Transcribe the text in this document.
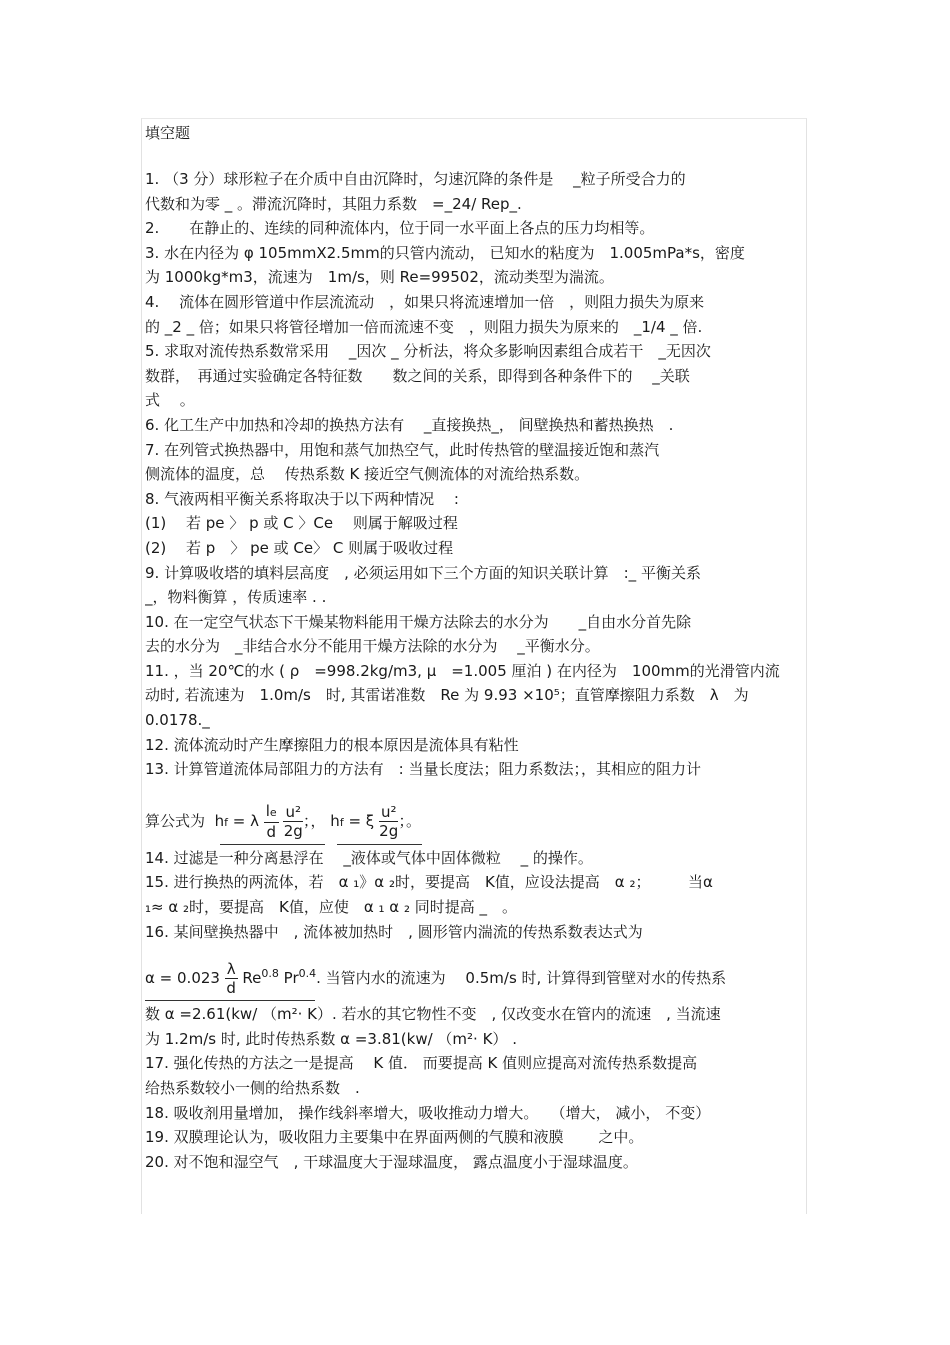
填空题
1. （3 分）球形粒子在介质中自由沉降时，匀速沉降的条件是　 _粒子所受合力的
代数和为零 _ 。滞流沉降时，其阻力系数　=_24/ Rep_.
2.　　在静止的、连续的同种流体内，位于同一水平面上各点的压力均相等。
3. 水在内径为 φ 105mmX2.5mm的只管内流动， 已知水的粘度为　1.005mPa*s，密度
为 1000kg*m3，流速为　1m/s，则 Re=99502，流动类型为湍流。
4.　 流体在圆形管道中作层流流动　，如果只将流速增加一倍　，则阻力损失为原来
的 _2 _ 倍；如果只将管径增加一倍而流速不变　，则阻力损失为原来的　_1/4 _ 倍.
5. 求取对流传热系数常采用　 _因次 _ 分析法，将众多影响因素组合成若干　_无因次
数群，　再通过实验确定各特征数　　数之间的关系，即得到各种条件下的　 _关联
式　 。
6. 化工生产中加热和冷却的换热方法有　 _直接换热_， 间壁换热和蓄热换热　.
7. 在列管式换热器中，用饱和蒸气加热空气，此时传热管的壁温接近饱和蒸汽
侧流体的温度，总　 传热系数 K 接近空气侧流体的对流给热系数。
8. 气液两相平衡关系将取决于以下两种情况　 :
(1)　 若 pe 〉 p 或 C 〉Ce　 则属于解吸过程
(2)　 若 p　〉 pe 或 Ce〉 C 则属于吸收过程
9. 计算吸收塔的填料层高度　, 必须运用如下三个方面的知识关联计算　:_ 平衡关系
_，物料衡算 ，传质速率 . .
10. 在一定空气状态下干燥某物料能用干燥方法除去的水分为　　_自由水分首先除
去的水分为　_非结合水分不能用干燥方法除的水分为　 _平衡水分。
11. ，当 20℃的水 ( ρ　=998.2kg/m3, μ　=1.005 厘泊 ) 在内径为　100mm的光滑管内流
动时, 若流速为　1.0m/s　时, 其雷诺准数　Re 为 9.93 ×10⁵；直管摩擦阻力系数　λ　为
0.0178._
12. 流体流动时产生摩擦阻力的根本原因是流体具有粘性
13. 计算管道流体局部阻力的方法有　: 当量长度法；阻力系数法；，其相应的阻力计
算公式为 hf = λ $\frac{le}{d}$
$\frac{\text{u²}}{2g}$ ；， hf = ξ $\frac{\text{u²}}{2g}$ ；。
14. 过滤是一种分离悬浮在　 _液体或气体中固体微粒　 _ 的操作。
15. 进行换热的两流体，若　α ₁》α ₂时，要提高　K值，应设法提高　α ₂；　　　当α
₁≈ α ₂时，要提高　K值，应使　α ₁ α ₂ 同时提高 _　。
16. 某间壁换热器中　, 流体被加热时　, 圆形管内湍流的传热系数表达式为
$\alpha = 0.023 \frac{\lambda}{d} Re^{0.8}$ $Pr^{0.4}$. 当管内水的流速为　 0.5m/s 时, 计算得到管壁对水的传热系
数 α =2.61(kw/ （m²· K）. 若水的其它物性不变　, 仅改变水在管内的流速　, 当流速
为 1.2m/s 时, 此时传热系数 α =3.81(kw/ （m²· K） .
17. 强化传热的方法之一是提高　 K 值． 而要提高 K 值则应提高对流传热系数提高
给热系数较小一侧的给热系数　.
18. 吸收剂用量增加， 操作线斜率增大，吸收推动力增大。　 （增大， 减小， 不变）
19. 双膜理论认为，吸收阻力主要集中在界面两侧的气膜和液膜　　 之中。
20. 对不饱和湿空气　, 干球温度大于湿球温度， 露点温度小于湿球温度。
